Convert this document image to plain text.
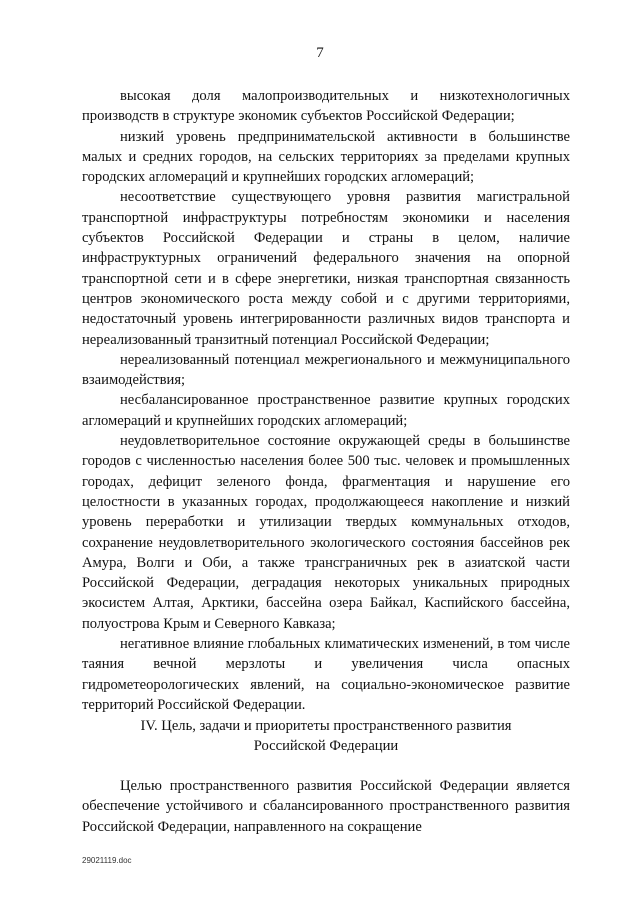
7

высокая доля малопроизводительных и низкотехнологичных производств в структуре экономик субъектов Российской Федерации;

низкий уровень предпринимательской активности в большинстве малых и средних городов, на сельских территориях за пределами крупных городских агломераций и крупнейших городских агломераций;

несоответствие существующего уровня развития магистральной транспортной инфраструктуры потребностям экономики и населения субъектов Российской Федерации и страны в целом, наличие инфраструктурных ограничений федерального значения на опорной транспортной сети и в сфере энергетики, низкая транспортная связанность центров экономического роста между собой и с другими территориями, недостаточный уровень интегрированности различных видов транспорта и нереализованный транзитный потенциал Российской Федерации;

нереализованный потенциал межрегионального и межмуниципального взаимодействия;

несбалансированное пространственное развитие крупных городских агломераций и крупнейших городских агломераций;

неудовлетворительное состояние окружающей среды в большинстве городов с численностью населения более 500 тыс. человек и промышленных городах, дефицит зеленого фонда, фрагментация и нарушение его целостности в указанных городах, продолжающееся накопление и низкий уровень переработки и утилизации твердых коммунальных отходов, сохранение неудовлетворительного экологического состояния бассейнов рек Амура, Волги и Оби, а также трансграничных рек в азиатской части Российской Федерации, деградация некоторых уникальных природных экосистем Алтая, Арктики, бассейна озера Байкал, Каспийского бассейна, полуострова Крым и Северного Кавказа;

негативное влияние глобальных климатических изменений, в том числе таяния вечной мерзлоты и увеличения числа опасных гидрометеорологических явлений, на социально-экономическое развитие территорий Российской Федерации.

IV. Цель, задачи и приоритеты пространственного развития
Российской Федерации

Целью пространственного развития Российской Федерации является обеспечение устойчивого и сбалансированного пространственного развития Российской Федерации, направленного на сокращение

29021119.doc
